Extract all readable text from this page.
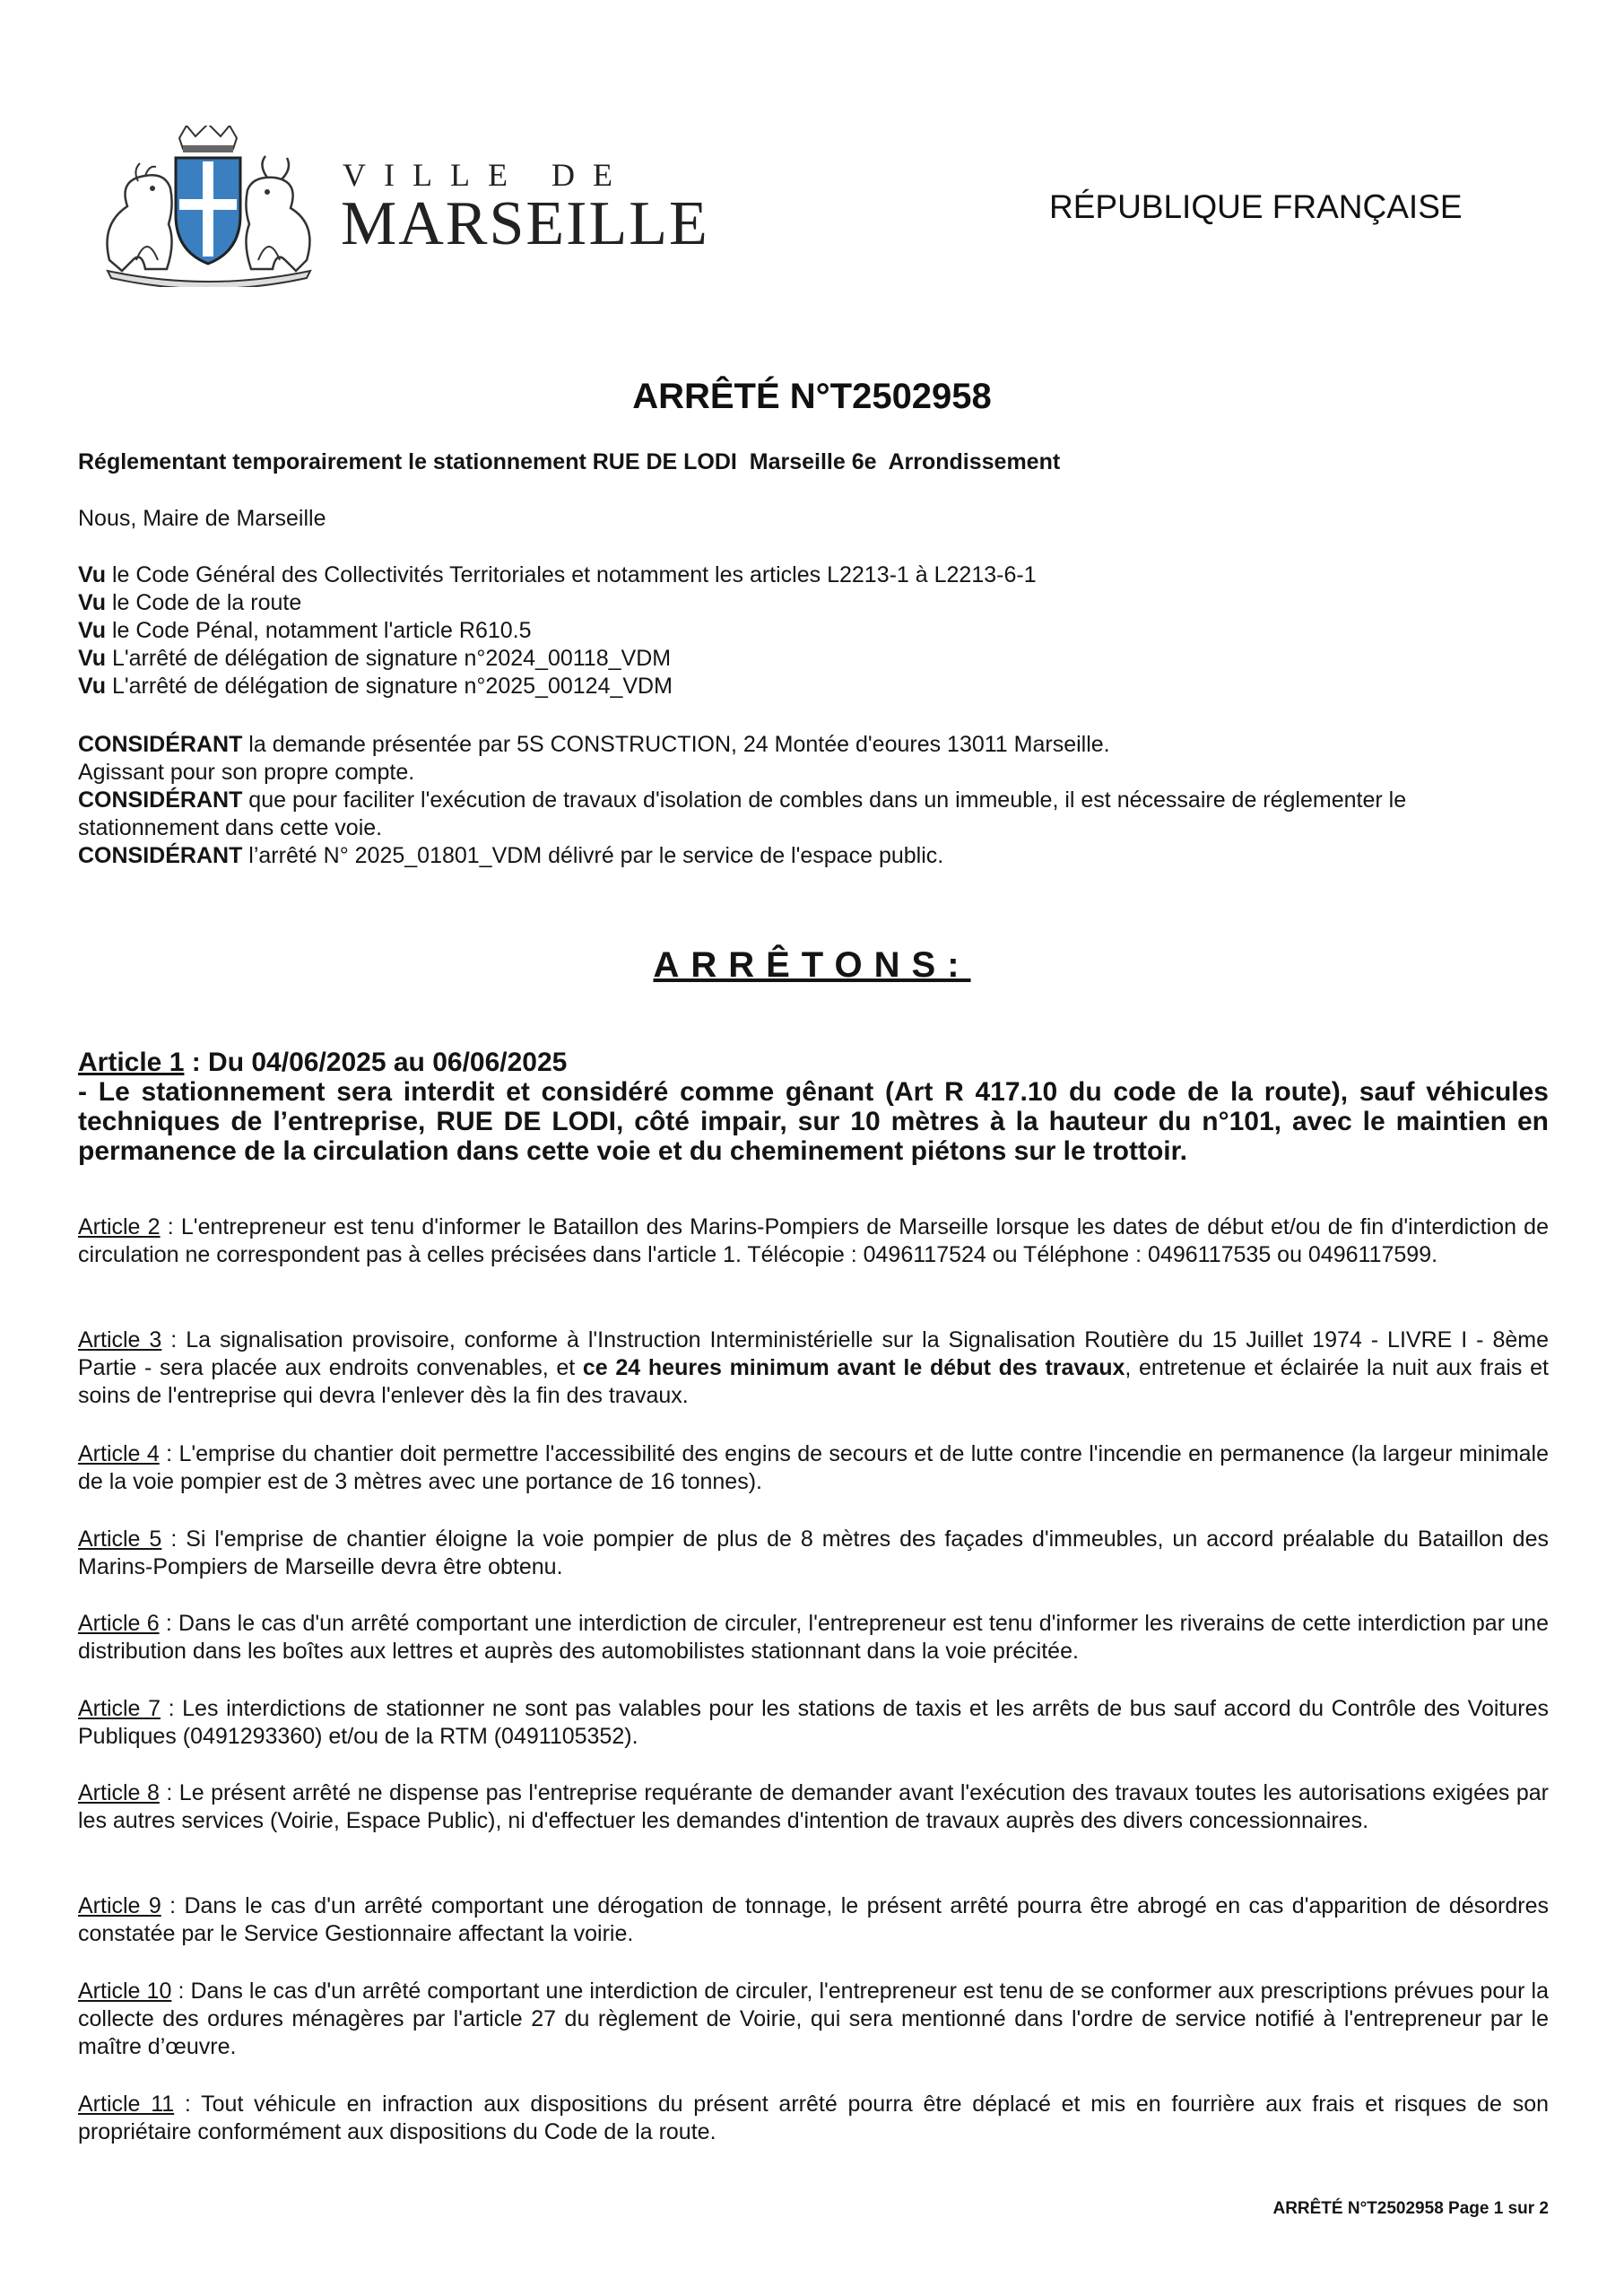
VILLE DE
MARSEILLE	RÉPUBLIQUE FRANÇAISE
ARRÊTÉ N°T2502958
Réglementant temporairement le stationnement RUE DE LODI  Marseille 6e  Arrondissement
Nous, Maire de Marseille
Vu le Code Général des Collectivités Territoriales et notamment les articles L2213-1 à L2213-6-1
Vu le Code de la route
Vu le Code Pénal, notamment l'article R610.5
Vu L'arrêté de délégation de signature n°2024_00118_VDM
Vu L'arrêté de délégation de signature n°2025_00124_VDM
CONSIDÉRANT la demande présentée par 5S CONSTRUCTION, 24 Montée d'eoures 13011 Marseille.
Agissant pour son propre compte.
CONSIDÉRANT que pour faciliter l'exécution de travaux d'isolation de combles dans un immeuble, il est nécessaire de réglementer le
stationnement dans cette voie.
CONSIDÉRANT l’arrêté N° 2025_01801_VDM délivré par le service de l'espace public.
ARRÊTONS:
Article 1 : Du 04/06/2025 au 06/06/2025
- Le stationnement sera interdit et considéré comme gênant (Art R 417.10 du code de la route), sauf véhicules techniques de l’entreprise, RUE DE LODI, côté impair, sur 10 mètres à la hauteur du n°101, avec le maintien en permanence de la circulation dans cette voie et du cheminement piétons sur le trottoir.
Article 2 : L'entrepreneur est tenu d'informer le Bataillon des Marins-Pompiers de Marseille lorsque les dates de début et/ou de fin d'interdiction de circulation ne correspondent pas à celles précisées dans l'article 1. Télécopie : 0496117524 ou Téléphone : 0496117535 ou 0496117599.
Article 3 : La signalisation provisoire, conforme à l'Instruction Interministérielle sur la Signalisation Routière du 15 Juillet 1974 - LIVRE I - 8ème Partie - sera placée aux endroits convenables, et ce 24 heures minimum avant le début des travaux, entretenue et éclairée la nuit aux frais et soins de l'entreprise qui devra l'enlever dès la fin des travaux.
Article 4 : L'emprise du chantier doit permettre l'accessibilité des engins de secours et de lutte contre l'incendie en permanence (la largeur minimale de la voie pompier est de 3 mètres avec une portance de 16 tonnes).
Article 5 : Si l'emprise de chantier éloigne la voie pompier de plus de 8 mètres des façades d'immeubles, un accord préalable du Bataillon des Marins-Pompiers de Marseille devra être obtenu.
Article 6 : Dans le cas d'un arrêté comportant une interdiction de circuler, l'entrepreneur est tenu d'informer les riverains de cette interdiction par une distribution dans les boîtes aux lettres et auprès des automobilistes stationnant dans la voie précitée.
Article 7 : Les interdictions de stationner ne sont pas valables pour les stations de taxis et les arrêts de bus sauf accord du Contrôle des Voitures Publiques (0491293360) et/ou de la RTM (0491105352).
Article 8 : Le présent arrêté ne dispense pas l'entreprise requérante de demander avant l'exécution des travaux toutes les autorisations exigées par les autres services (Voirie, Espace Public), ni d'effectuer les demandes d'intention de travaux auprès des divers concessionnaires.
Article 9 : Dans le cas d'un arrêté comportant une dérogation de tonnage, le présent arrêté pourra être abrogé en cas d'apparition de désordres constatée par le Service Gestionnaire affectant la voirie.
Article 10 : Dans le cas d'un arrêté comportant une interdiction de circuler, l'entrepreneur est tenu de se conformer aux prescriptions prévues pour la collecte des ordures ménagères par l'article 27 du règlement de Voirie, qui sera mentionné dans l'ordre de service notifié à l'entrepreneur par le maître d’œuvre.
Article 11 : Tout véhicule en infraction aux dispositions du présent arrêté pourra être déplacé et mis en fourrière aux frais et risques de son propriétaire conformément aux dispositions du Code de la route.
ARRÊTÉ N°T2502958 Page 1 sur 2
